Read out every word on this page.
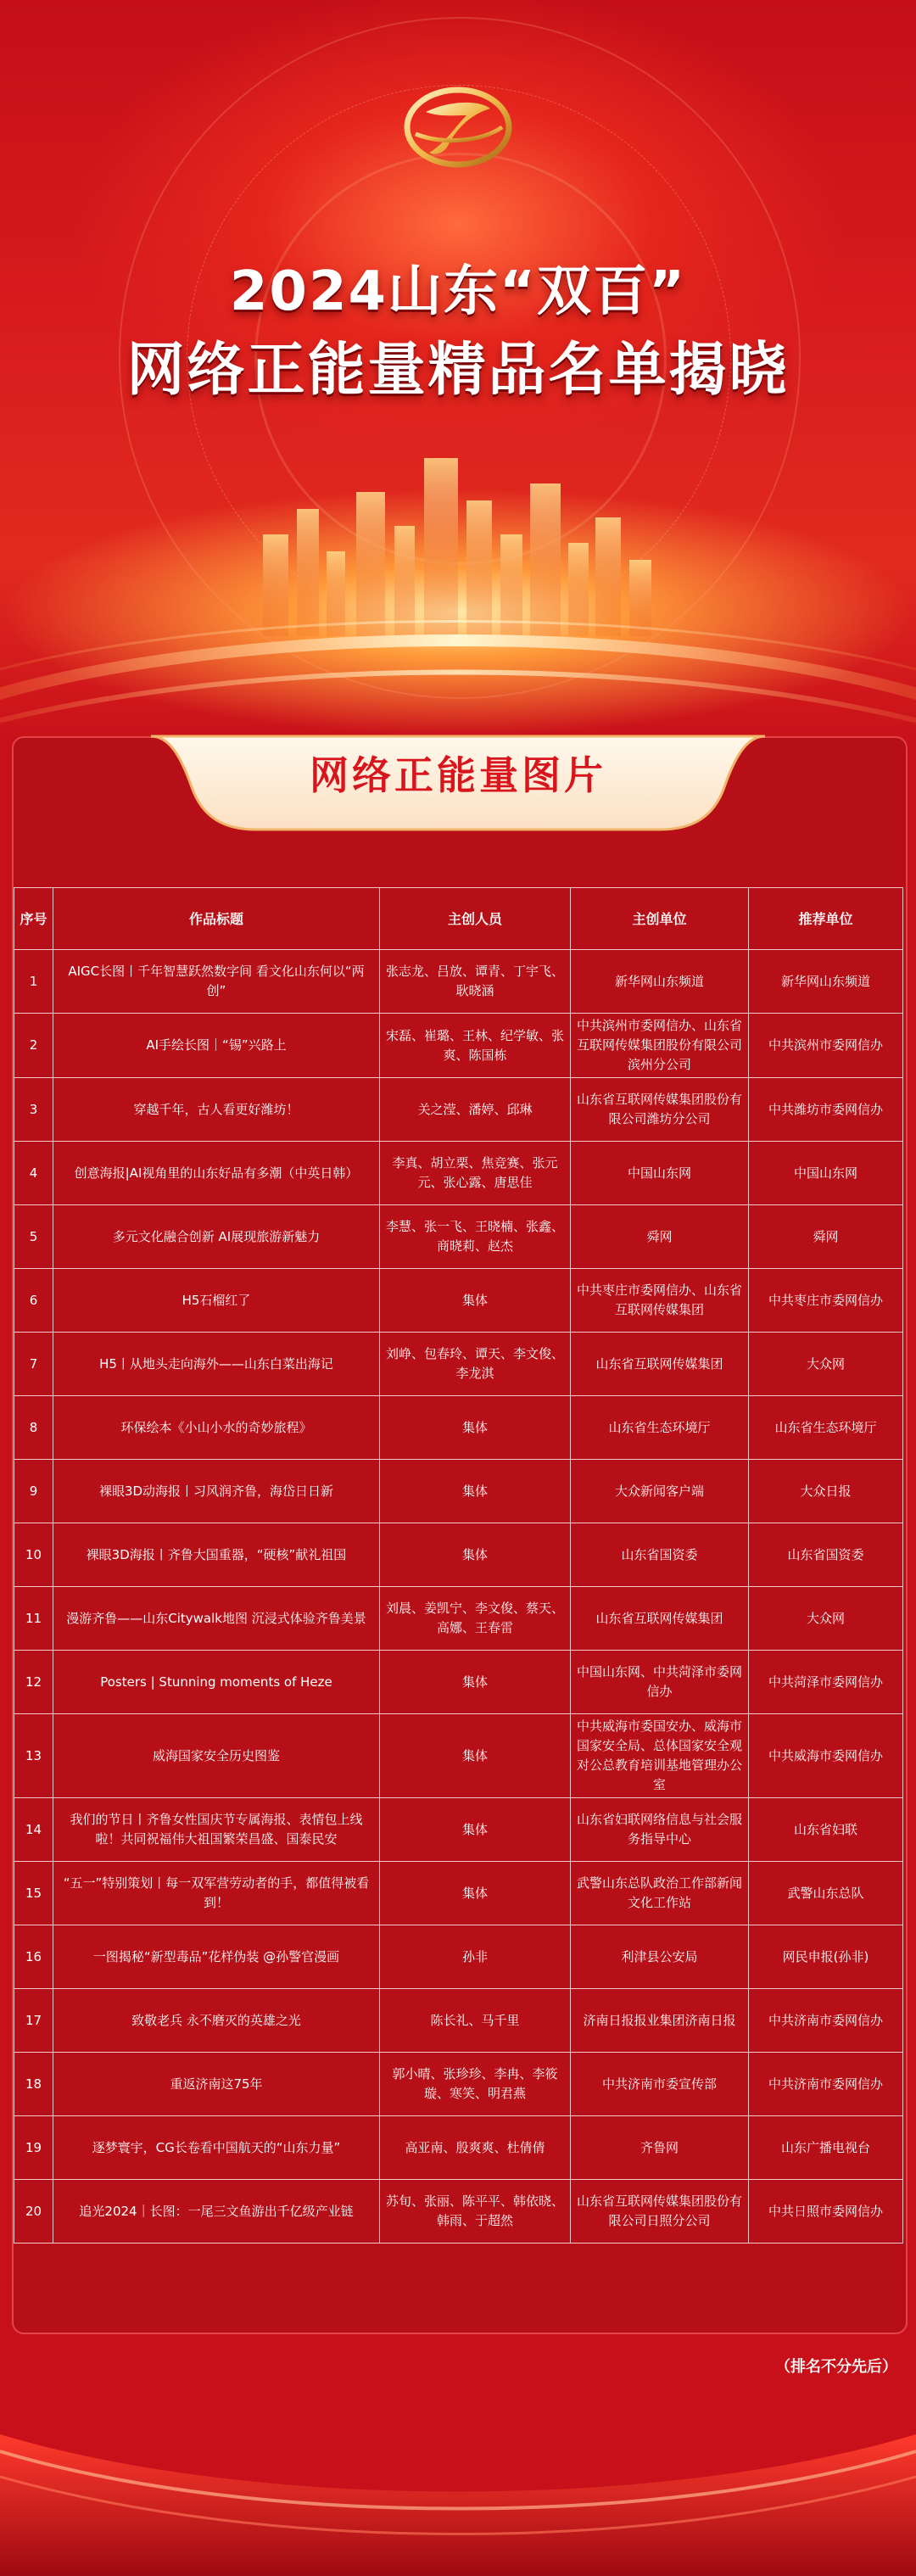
2024山东“双百”
网络正能量精品名单揭晓
网络正能量图片
序号	作品标题	主创人员	主创单位	推荐单位
1	AIGC长图丨千年智慧跃然数字间 看文化山东何以“两创”	张志龙、吕放、谭青、丁宇飞、耿晓涵	新华网山东频道	新华网山东频道
2	AI手绘长图｜“锡”兴路上	宋磊、崔璐、王林、纪学敏、张爽、陈国栋	中共滨州市委网信办、山东省互联网传媒集团股份有限公司滨州分公司	中共滨州市委网信办
3	穿越千年，古人看更好潍坊！	关之滢、潘婷、邱琳	山东省互联网传媒集团股份有限公司潍坊分公司	中共潍坊市委网信办
4	创意海报|AI视角里的山东好品有多潮（中英日韩）	李真、胡立栗、焦竞赛、张元元、张心露、唐思佳	中国山东网	中国山东网
5	多元文化融合创新 AI展现旅游新魅力	李慧、张一飞、王晓楠、张鑫、商晓莉、赵杰	舜网	舜网
6	H5石榴红了	集体	中共枣庄市委网信办、山东省互联网传媒集团	中共枣庄市委网信办
7	H5丨从地头走向海外——山东白菜出海记	刘峥、包春玲、谭天、李文俊、李龙淇	山东省互联网传媒集团	大众网
8	环保绘本《小山小水的奇妙旅程》	集体	山东省生态环境厅	山东省生态环境厅
9	裸眼3D动海报丨习风润齐鲁，海岱日日新	集体	大众新闻客户端	大众日报
10	裸眼3D海报丨齐鲁大国重器，“硬核”献礼祖国	集体	山东省国资委	山东省国资委
11	漫游齐鲁——山东Citywalk地图 沉浸式体验齐鲁美景	刘晨、姜凯宁、李文俊、蔡天、高娜、王春雷	山东省互联网传媒集团	大众网
12	Posters | Stunning moments of Heze	集体	中国山东网、中共菏泽市委网信办	中共菏泽市委网信办
13	威海国家安全历史图鉴	集体	中共威海市委国安办、威海市国家安全局、总体国家安全观对公总教育培训基地管理办公室	中共威海市委网信办
14	我们的节日丨齐鲁女性国庆节专属海报、表情包上线啦！共同祝福伟大祖国繁荣昌盛、国泰民安	集体	山东省妇联网络信息与社会服务指导中心	山东省妇联
15	“五一”特别策划丨每一双军营劳动者的手，都值得被看到！	集体	武警山东总队政治工作部新闻文化工作站	武警山东总队
16	一图揭秘“新型毒品”花样伪装 @孙警官漫画	孙非	利津县公安局	网民申报(孙非)
17	致敬老兵 永不磨灭的英雄之光	陈长礼、马千里	济南日报报业集团济南日报	中共济南市委网信办
18	重返济南这75年	郭小晴、张珍珍、李冉、李筱璇、寒笑、明君燕	中共济南市委宣传部	中共济南市委网信办
19	逐梦寰宇，CG长卷看中国航天的“山东力量”	高亚南、殷爽爽、杜倩倩	齐鲁网	山东广播电视台
20	追光2024｜长图：一尾三文鱼游出千亿级产业链	苏旬、张丽、陈平平、韩依晓、韩雨、于超然	山东省互联网传媒集团股份有限公司日照分公司	中共日照市委网信办
（排名不分先后）
